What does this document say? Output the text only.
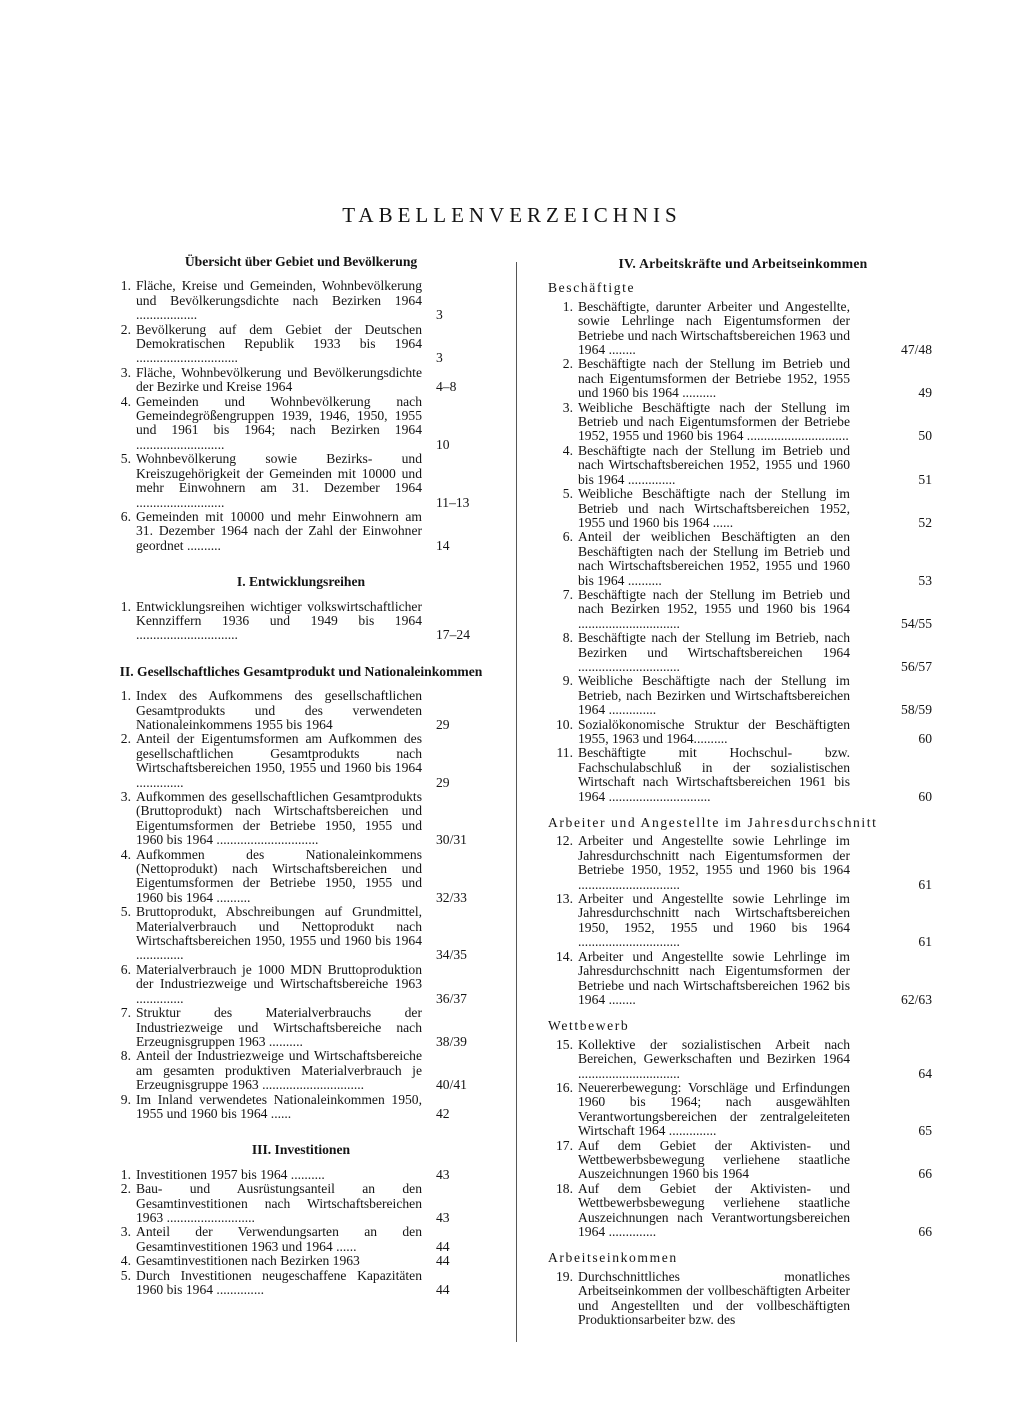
TABELLENVERZEICHNIS
Übersicht über Gebiet und Bevölkerung
1. Fläche, Kreise und Gemeinden, Wohnbevölkerung und Bevölkerungsdichte nach Bezirken 1964 ..................	3
2. Bevölkerung auf dem Gebiet der Deutschen Demokratischen Republik 1933 bis 1964 ..............................	3
3. Fläche, Wohnbevölkerung und Bevölkerungsdichte der Bezirke und Kreise 1964	4–8
4. Gemeinden und Wohnbevölkerung nach Gemeindegrößengruppen 1939, 1946, 1950, 1955 und 1961 bis 1964; nach Bezirken 1964 ..........................	10
5. Wohnbevölkerung sowie Bezirks- und Kreiszugehörigkeit der Gemeinden mit 10000 und mehr Einwohnern am 31. Dezember 1964 ..........................	11–13
6. Gemeinden mit 10000 und mehr Einwohnern am 31. Dezember 1964 nach der Zahl der Einwohner geordnet ..........	14
I. Entwicklungsreihen
1. Entwicklungsreihen wichtiger volkswirtschaftlicher Kennziffern 1936 und 1949 bis 1964 ..............................	17–24
II. Gesellschaftliches Gesamtprodukt und Nationaleinkommen
1. Index des Aufkommens des gesellschaftlichen Gesamtprodukts und des verwendeten Nationaleinkommens 1955 bis 1964	29
2. Anteil der Eigentumsformen am Aufkommen des gesellschaftlichen Gesamtprodukts nach Wirtschaftsbereichen 1950, 1955 und 1960 bis 1964 ..............	29
3. Aufkommen des gesellschaftlichen Gesamtprodukts (Bruttoprodukt) nach Wirtschaftsbereichen und Eigentumsformen der Betriebe 1950, 1955 und 1960 bis 1964 ..............................	30/31
4. Aufkommen des Nationaleinkommens (Nettoprodukt) nach Wirtschaftsbereichen und Eigentumsformen der Betriebe 1950, 1955 und 1960 bis 1964 ..........	32/33
5. Bruttoprodukt, Abschreibungen auf Grundmittel, Materialverbrauch und Nettoprodukt nach Wirtschaftsbereichen 1950, 1955 und 1960 bis 1964 ..............	34/35
6. Materialverbrauch je 1000 MDN Bruttoproduktion der Industriezweige und Wirtschaftsbereiche 1963 ..............	36/37
7. Struktur des Materialverbrauchs der Industriezweige und Wirtschaftsbereiche nach Erzeugnisgruppen 1963 ..........	38/39
8. Anteil der Industriezweige und Wirtschaftsbereiche am gesamten produktiven Materialverbrauch je Erzeugnisgruppe 1963 ..............................	40/41
9. Im Inland verwendetes Nationaleinkommen 1950, 1955 und 1960 bis 1964 ......	42
III. Investitionen
1. Investitionen 1957 bis 1964 ..........	43
2. Bau- und Ausrüstungsanteil an den Gesamtinvestitionen nach Wirtschaftsbereichen 1963 ..........................	43
3. Anteil der Verwendungsarten an den Gesamtinvestitionen 1963 und 1964 ......	44
4. Gesamtinvestitionen nach Bezirken 1963	44
5. Durch Investitionen neugeschaffene Kapazitäten 1960 bis 1964 ..............	44
IV. Arbeitskräfte und Arbeitseinkommen
Beschäftigte
1. Beschäftigte, darunter Arbeiter und Angestellte, sowie Lehrlinge nach Eigentumsformen der Betriebe und nach Wirtschaftsbereichen 1963 und 1964 ........	47/48
2. Beschäftigte nach der Stellung im Betrieb und nach Eigentumsformen der Betriebe 1952, 1955 und 1960 bis 1964 ..........	49
3. Weibliche Beschäftigte nach der Stellung im Betrieb und nach Eigentumsformen der Betriebe 1952, 1955 und 1960 bis 1964 ..............................	50
4. Beschäftigte nach der Stellung im Betrieb und nach Wirtschaftsbereichen 1952, 1955 und 1960 bis 1964 ..............	51
5. Weibliche Beschäftigte nach der Stellung im Betrieb und nach Wirtschaftsbereichen 1952, 1955 und 1960 bis 1964 ......	52
6. Anteil der weiblichen Beschäftigten an den Beschäftigten nach der Stellung im Betrieb und nach Wirtschaftsbereichen 1952, 1955 und 1960 bis 1964 ..........	53
7. Beschäftigte nach der Stellung im Betrieb und nach Bezirken 1952, 1955 und 1960 bis 1964 ..............................	54/55
8. Beschäftigte nach der Stellung im Betrieb, nach Bezirken und Wirtschaftsbereichen 1964 ..............................	56/57
9. Weibliche Beschäftigte nach der Stellung im Betrieb, nach Bezirken und Wirtschaftsbereichen 1964 ..............	58/59
10. Sozialökonomische Struktur der Beschäftigten 1955, 1963 und 1964..........	60
11. Beschäftigte mit Hochschul- bzw. Fachschulabschluß in der sozialistischen Wirtschaft nach Wirtschaftsbereichen 1961 bis 1964 ..............................	60
Arbeiter und Angestellte im Jahresdurchschnitt
12. Arbeiter und Angestellte sowie Lehrlinge im Jahresdurchschnitt nach Eigentumsformen der Betriebe 1950, 1952, 1955 und 1960 bis 1964 ..............................	61
13. Arbeiter und Angestellte sowie Lehrlinge im Jahresdurchschnitt nach Wirtschaftsbereichen 1950, 1952, 1955 und 1960 bis 1964 ..............................	61
14. Arbeiter und Angestellte sowie Lehrlinge im Jahresdurchschnitt nach Eigentumsformen der Betriebe und nach Wirtschaftsbereichen 1962 bis 1964 ........	62/63
Wettbewerb
15. Kollektive der sozialistischen Arbeit nach Bereichen, Gewerkschaften und Bezirken 1964 ..............................	64
16. Neuererbewegung: Vorschläge und Erfindungen 1960 bis 1964; nach ausgewählten Verantwortungsbereichen der zentralgeleiteten Wirtschaft 1964 ..............	65
17. Auf dem Gebiet der Aktivisten- und Wettbewerbsbewegung verliehene staatliche Auszeichnungen 1960 bis 1964	66
18. Auf dem Gebiet der Aktivisten- und Wettbewerbsbewegung verliehene staatliche Auszeichnungen nach Verantwortungsbereichen 1964 ..............	66
Arbeitseinkommen
19. Durchschnittliches monatliches Arbeitseinkommen der vollbeschäftigten Arbeiter und Angestellten und der vollbeschäftigten Produktionsarbeiter bzw. des
